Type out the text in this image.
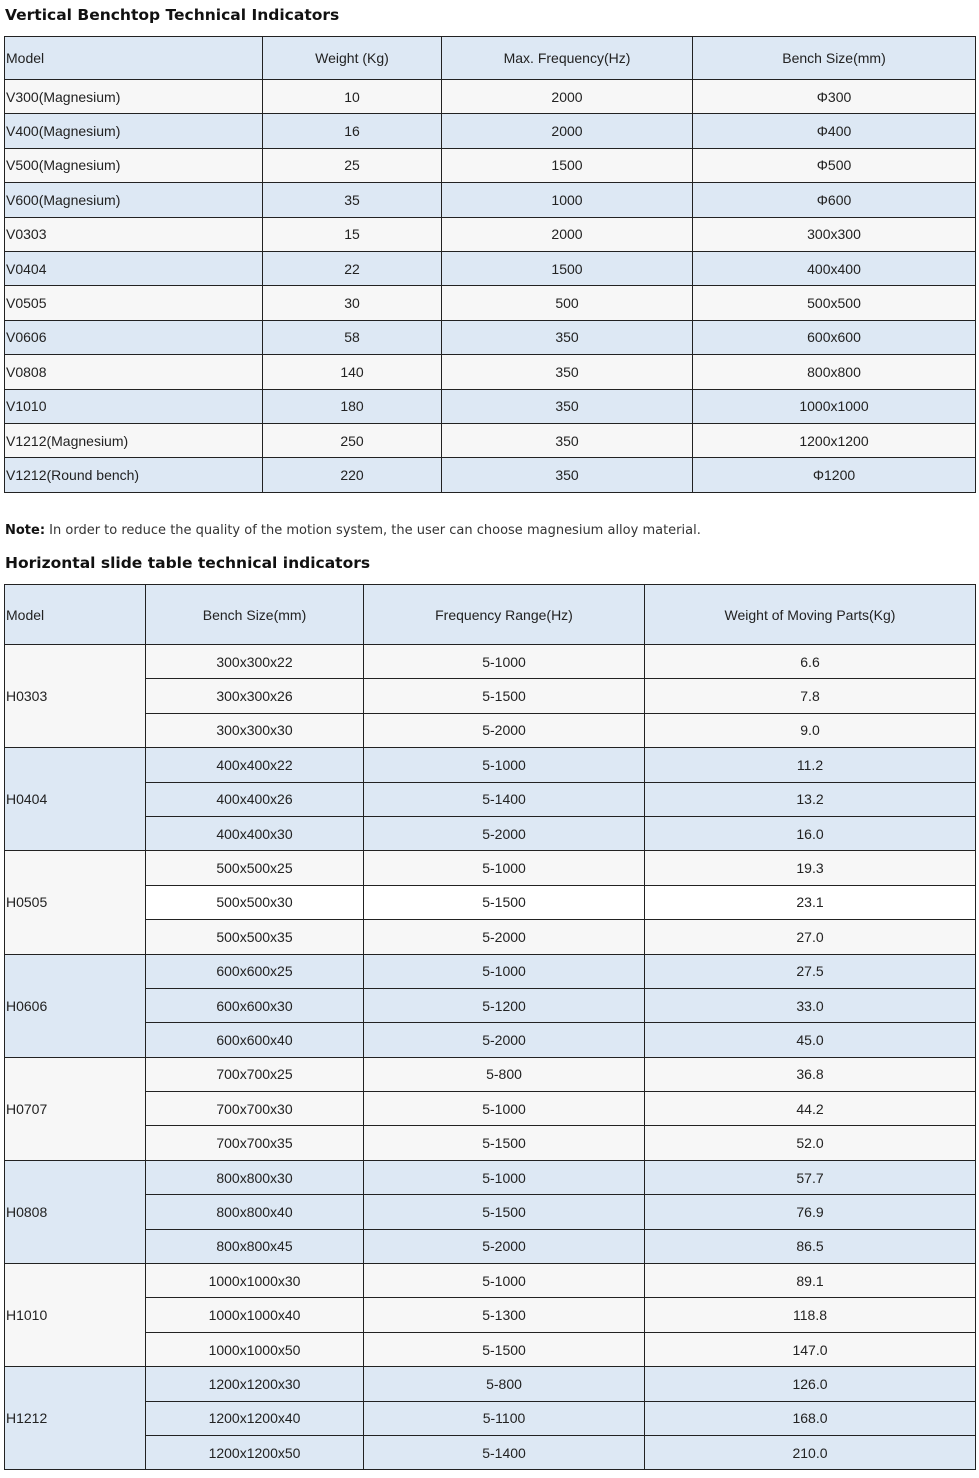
Vertical Benchtop Technical Indicators
Model	Weight (Kg)	Max. Frequency(Hz)	Bench Size(mm)
V300(Magnesium)	10	2000	Φ300
V400(Magnesium)	16	2000	Φ400
V500(Magnesium)	25	1500	Φ500
V600(Magnesium)	35	1000	Φ600
V0303	15	2000	300x300
V0404	22	1500	400x400
V0505	30	500	500x500
V0606	58	350	600x600
V0808	140	350	800x800
V1010	180	350	1000x1000
V1212(Magnesium)	250	350	1200x1200
V1212(Round bench)	220	350	Φ1200

Note: In order to reduce the quality of the motion system, the user can choose magnesium alloy material.

Horizontal slide table technical indicators
Model	Bench Size(mm)	Frequency Range(Hz)	Weight of Moving Parts(Kg)
H0303	300x300x22	5-1000	6.6
	300x300x26	5-1500	7.8
	300x300x30	5-2000	9.0
H0404	400x400x22	5-1000	11.2
	400x400x26	5-1400	13.2
	400x400x30	5-2000	16.0
H0505	500x500x25	5-1000	19.3
	500x500x30	5-1500	23.1
	500x500x35	5-2000	27.0
H0606	600x600x25	5-1000	27.5
	600x600x30	5-1200	33.0
	600x600x40	5-2000	45.0
H0707	700x700x25	5-800	36.8
	700x700x30	5-1000	44.2
	700x700x35	5-1500	52.0
H0808	800x800x30	5-1000	57.7
	800x800x40	5-1500	76.9
	800x800x45	5-2000	86.5
H1010	1000x1000x30	5-1000	89.1
	1000x1000x40	5-1300	118.8
	1000x1000x50	5-1500	147.0
H1212	1200x1200x30	5-800	126.0
	1200x1200x40	5-1100	168.0
	1200x1200x50	5-1400	210.0
